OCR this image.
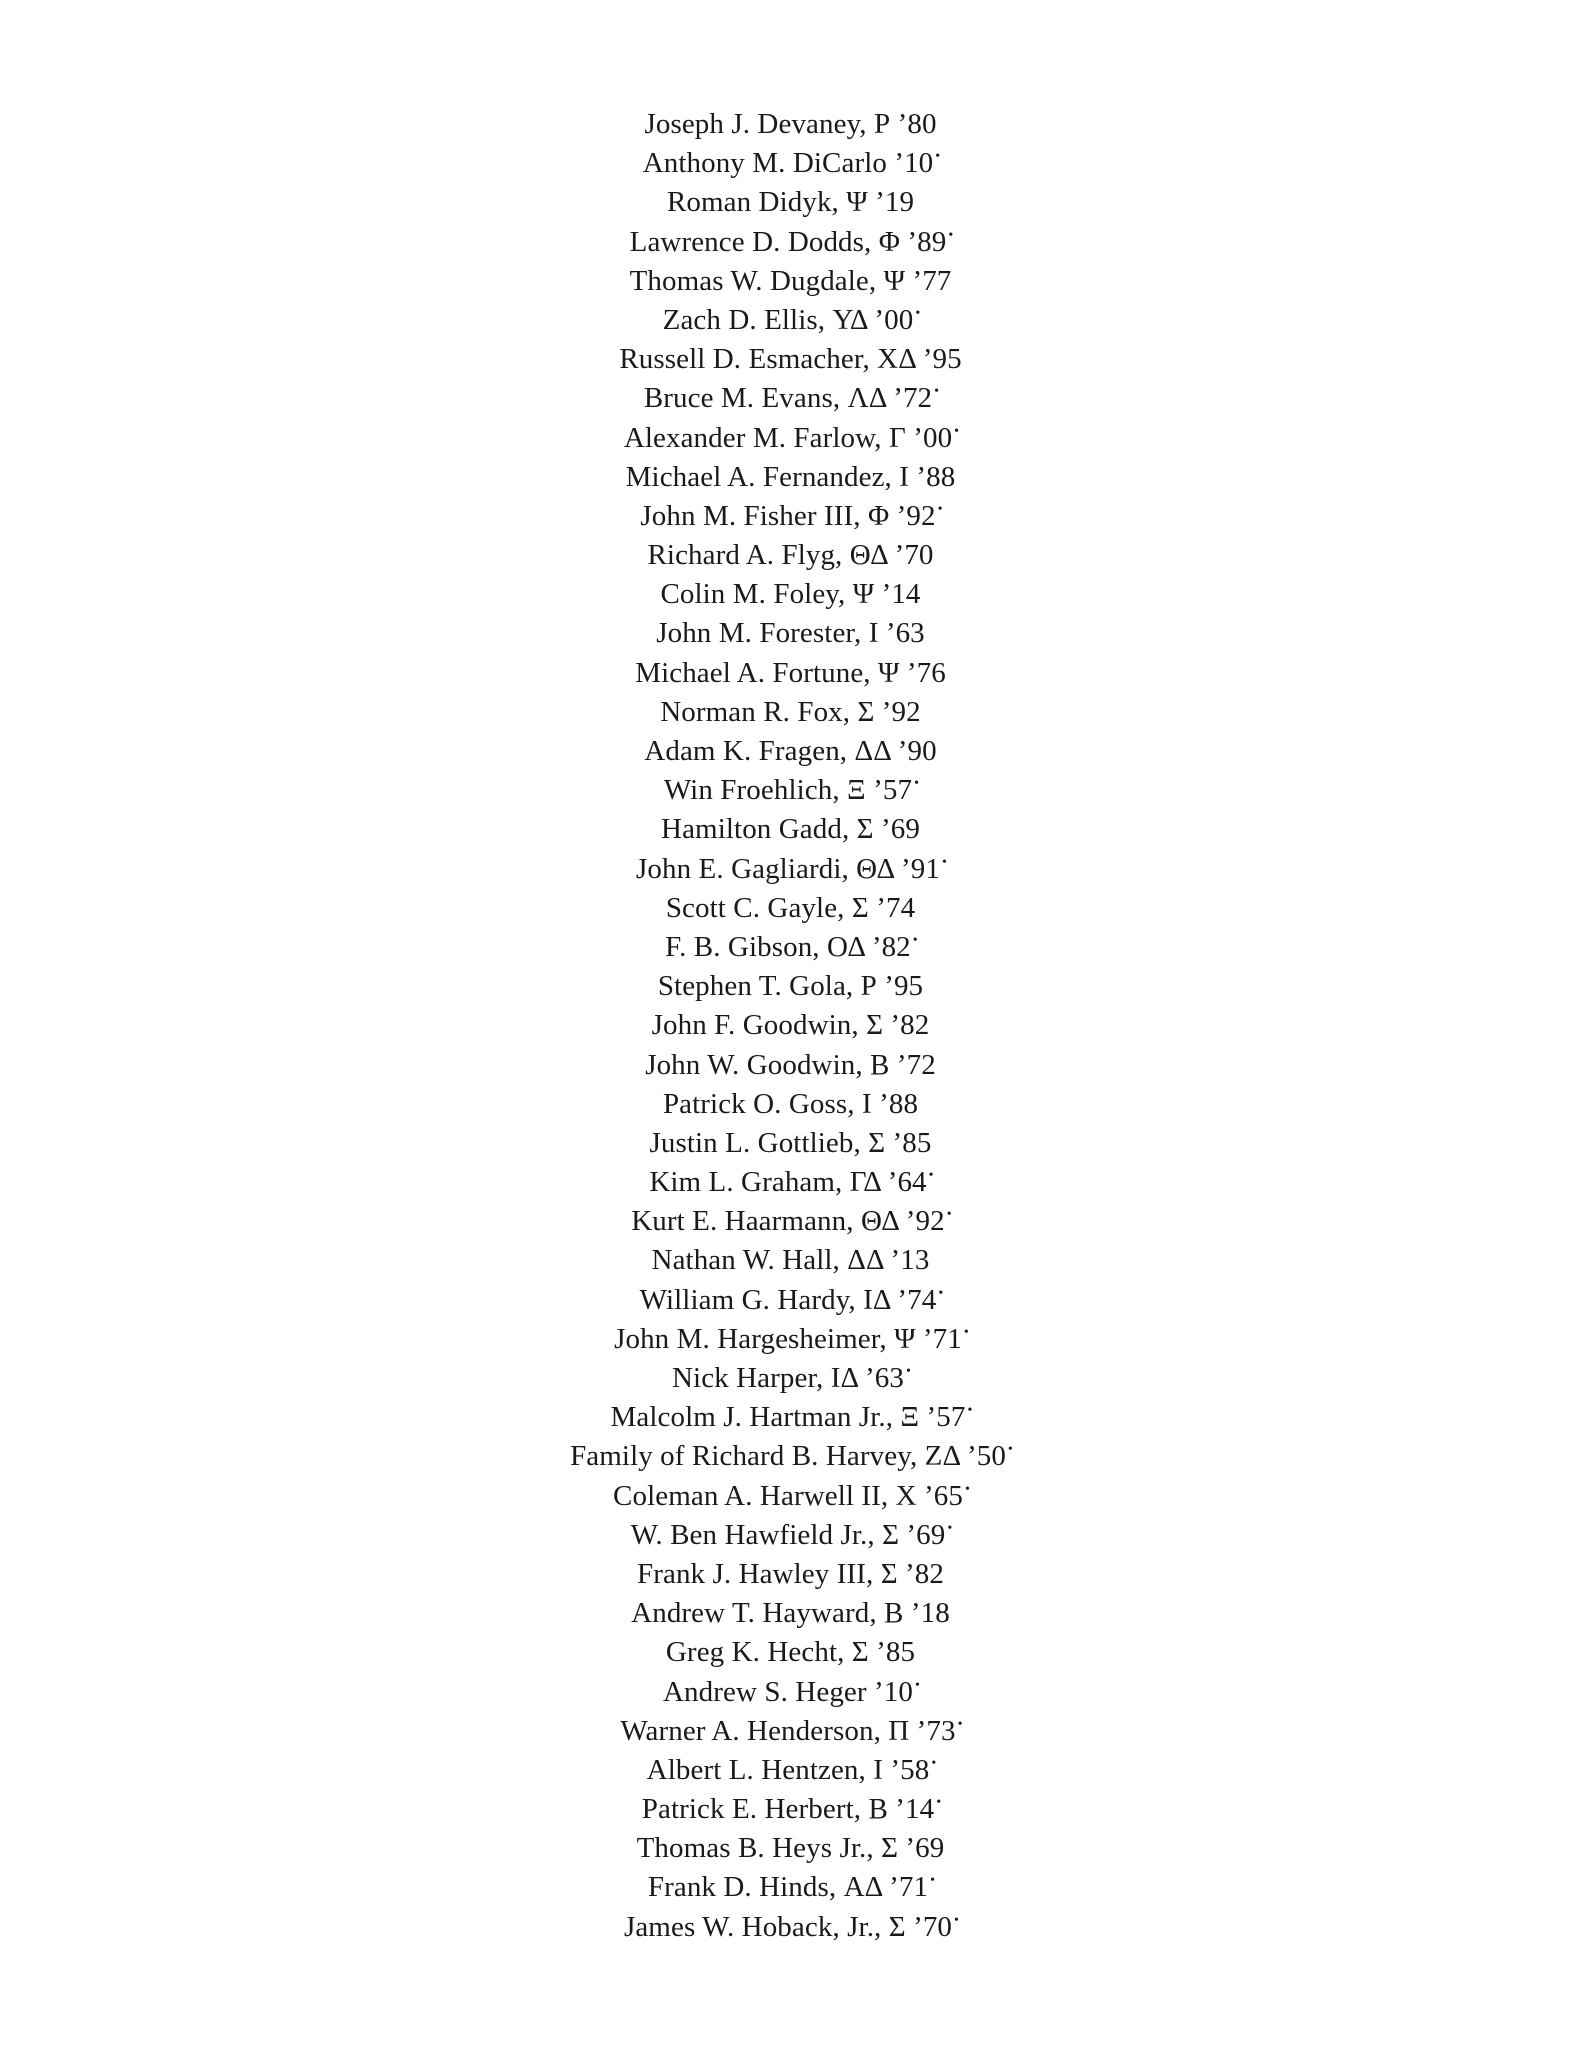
Joseph J. Devaney, Ρ ’80
Anthony M. DiCarlo ’10 •
Roman Didyk, Ψ ’19
Lawrence D. Dodds, Φ ’89 •
Thomas W. Dugdale, Ψ ’77
Zach D. Ellis, ΥΔ ’00 •
Russell D. Esmacher, ΧΔ ’95
Bruce M. Evans, ΛΔ ’72 •
Alexander M. Farlow, Γ ’00 •
Michael A. Fernandez, Ι ’88
John M. Fisher III, Φ ’92 •
Richard A. Flyg, ΘΔ ’70
Colin M. Foley, Ψ ’14
John M. Forester, Ι ’63
Michael A. Fortune, Ψ ’76
Norman R. Fox, Σ ’92
Adam K. Fragen, ΔΔ ’90
Win Froehlich, Ξ ’57 •
Hamilton Gadd, Σ ’69
John E. Gagliardi, ΘΔ ’91 •
Scott C. Gayle, Σ ’74
F. B. Gibson, ΟΔ ’82 •
Stephen T. Gola, Ρ ’95
John F. Goodwin, Σ ’82
John W. Goodwin, Β ’72
Patrick O. Goss, Ι ’88
Justin L. Gottlieb, Σ ’85
Kim L. Graham, ΓΔ ’64 •
Kurt E. Haarmann, ΘΔ ’92 •
Nathan W. Hall, ΔΔ ’13
William G. Hardy, ΙΔ ’74 •
John M. Hargesheimer, Ψ ’71 •
Nick Harper, ΙΔ ’63 •
Malcolm J. Hartman Jr., Ξ ’57 •
Family of Richard B. Harvey, ΖΔ ’50 •
Coleman A. Harwell II, Χ ’65 •
W. Ben Hawfield Jr., Σ ’69 •
Frank J. Hawley III, Σ ’82
Andrew T. Hayward, Β ’18
Greg K. Hecht, Σ ’85
Andrew S. Heger ’10 •
Warner A. Henderson, Π ’73 •
Albert L. Hentzen, Ι ’58 •
Patrick E. Herbert, Β ’14 •
Thomas B. Heys Jr., Σ ’69
Frank D. Hinds, ΑΔ ’71 •
James W. Hoback, Jr., Σ ’70 •
